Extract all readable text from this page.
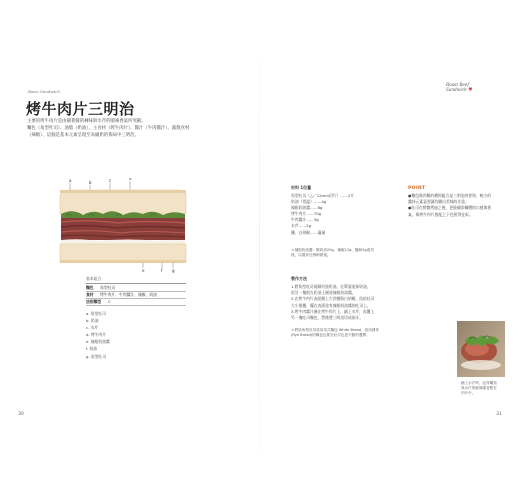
Basic Sandwich
烤牛肉片三明治
主要的烤牛肉片是由鋪著醬的褲味與水芹的嗆辣香氣所突顯。
麵包（角型吐司）、油脂（奶油）、主食材（烤牛肉片）、醬汁（牛肉醬汁）、蔬散食材
（辣椒）、這個是基本元素呈現至高級奶的佈局中三明治。
a	b	c	d
e	f g
基本組合
麵包	角型吐司
食材	烤牛肉片、牛肉醬汁、辣椒、奶油
法則類型	C
a. 角型吐司
b. 奶油
c. 水芹
d. 烤牛肉片
e. 辣根奶油醬
f. 奶油
g. 角型吐司
30
Roast Beef
Sandwich ♥
材料 1位量
角型吐司（△／12mm切片）……2片
奶油（常溫）……4g
辣根奶油醬……6g
烤牛肉片……70g
牛肉醬汁……3g
水芹……2g
鹽、白胡椒……適量
＊辣根奶油醬：酸奶油20g、辣椒12g、鹽和5g混均後，以攪拌比例稍做後。
製作方法
1.將角型吐司兩側均塗奶油，在單面塗抹奶油，
再另一塊則在奶油上層塗辣根奶油醬。
2.在烤牛肉片表面撒上少許鹽與白胡椒，再依吐司
大小摺疊，擺在表面塗有辣根奶油醬的吐司上。
3.烤牛肉醬汁淋在烤牛肉片上，鋪上水芹，再覆上
另一塊吐司麵包，然後將三明治切成兩半。
＊將原角型吐司改用英式麵包 White Bread，改用裸麥
(Rye Bread)的麵包也要在吐司也是不錯的選擇。
POINT
●麵包與肉類的嚼勁組合是三明治的要領，較少的
醬抹元素裏要讓均顯出美味的比重。
●吐司在稍微烤過之後，更能襯添麵體的口感與香
氣，與烤牛肉片搭配之下也相得宜彰。
鋪上水芹時，記得嚼勁
與水芹的鮮辣重香點在
肉片中。
31
